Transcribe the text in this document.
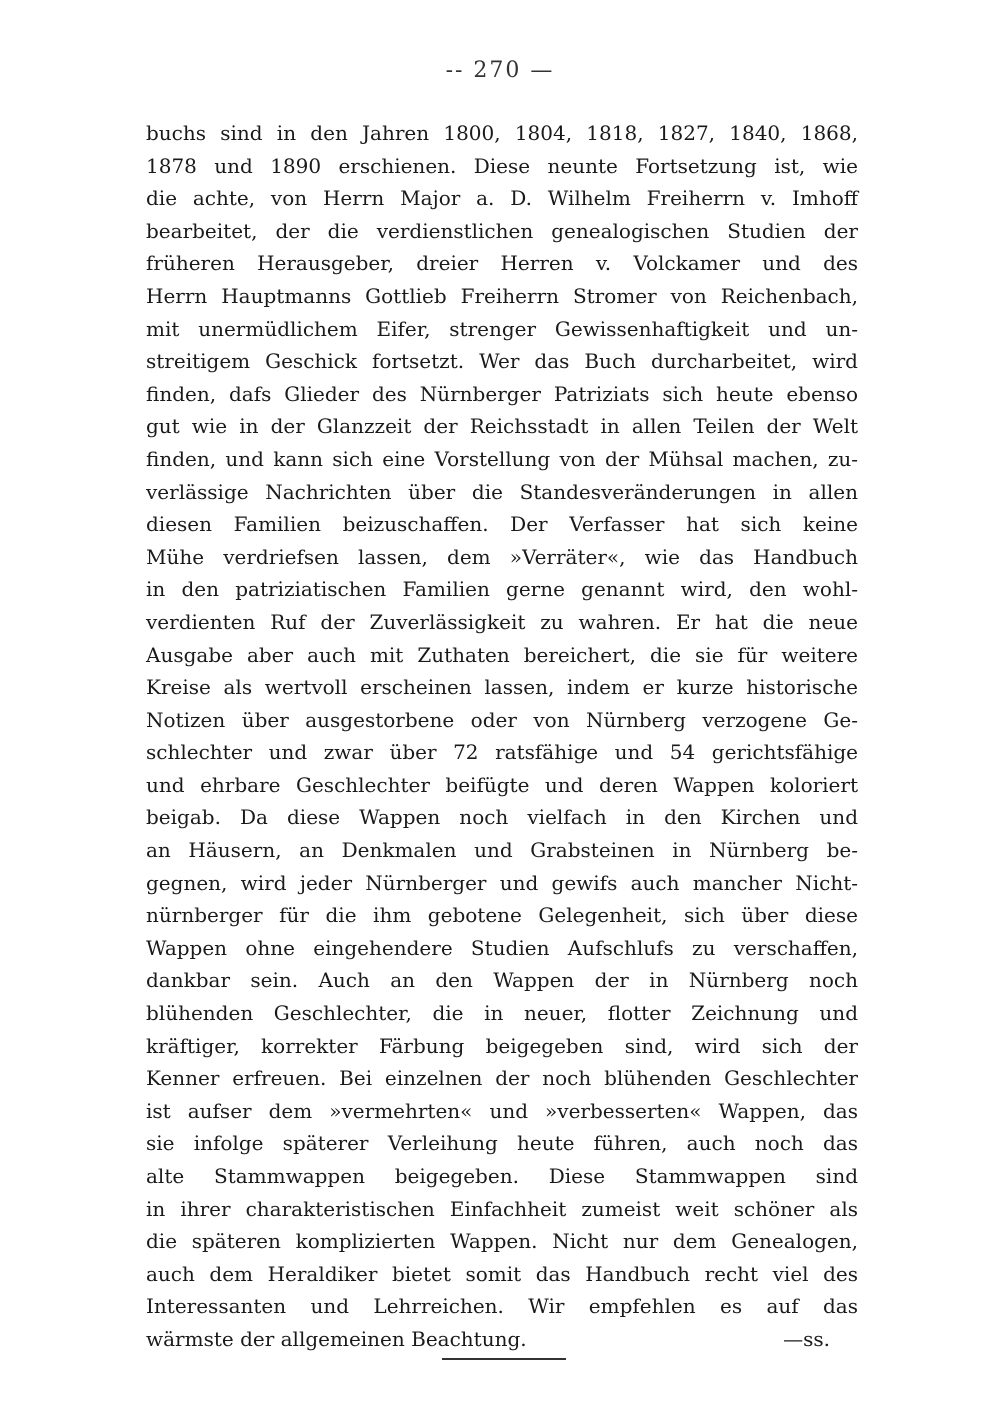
-- 270 —
buchs sind in den Jahren 1800, 1804, 1818, 1827, 1840, 1868,
1878 und 1890 erschienen. Diese neunte Fortsetzung ist, wie
die achte, von Herrn Major a. D. Wilhelm Freiherrn v. Imhoff
bearbeitet, der die verdienstlichen genealogischen Studien der
früheren Herausgeber, dreier Herren v. Volckamer und des
Herrn Hauptmanns Gottlieb Freiherrn Stromer von Reichenbach,
mit unermüdlichem Eifer, strenger Gewissenhaftigkeit und un-
streitigem Geschick fortsetzt. Wer das Buch durcharbeitet, wird
finden, dafs Glieder des Nürnberger Patriziats sich heute ebenso
gut wie in der Glanzzeit der Reichsstadt in allen Teilen der Welt
finden, und kann sich eine Vorstellung von der Mühsal machen, zu-
verlässige Nachrichten über die Standesveränderungen in allen
diesen Familien beizuschaffen. Der Verfasser hat sich keine
Mühe verdriefsen lassen, dem »Verräter«, wie das Handbuch
in den patriziatischen Familien gerne genannt wird, den wohl-
verdienten Ruf der Zuverlässigkeit zu wahren. Er hat die neue
Ausgabe aber auch mit Zuthaten bereichert, die sie für weitere
Kreise als wertvoll erscheinen lassen, indem er kurze historische
Notizen über ausgestorbene oder von Nürnberg verzogene Ge-
schlechter und zwar über 72 ratsfähige und 54 gerichtsfähige
und ehrbare Geschlechter beifügte und deren Wappen koloriert
beigab. Da diese Wappen noch vielfach in den Kirchen und
an Häusern, an Denkmalen und Grabsteinen in Nürnberg be-
gegnen, wird jeder Nürnberger und gewifs auch mancher Nicht-
nürnberger für die ihm gebotene Gelegenheit, sich über diese
Wappen ohne eingehendere Studien Aufschlufs zu verschaffen,
dankbar sein. Auch an den Wappen der in Nürnberg noch
blühenden Geschlechter, die in neuer, flotter Zeichnung und
kräftiger, korrekter Färbung beigegeben sind, wird sich der
Kenner erfreuen. Bei einzelnen der noch blühenden Geschlechter
ist aufser dem »vermehrten« und »verbesserten« Wappen, das
sie infolge späterer Verleihung heute führen, auch noch das
alte Stammwappen beigegeben. Diese Stammwappen sind
in ihrer charakteristischen Einfachheit zumeist weit schöner als
die späteren komplizierten Wappen. Nicht nur dem Genealogen,
auch dem Heraldiker bietet somit das Handbuch recht viel des
Interessanten und Lehrreichen. Wir empfehlen es auf das
wärmste der allgemeinen Beachtung.	—ss.
